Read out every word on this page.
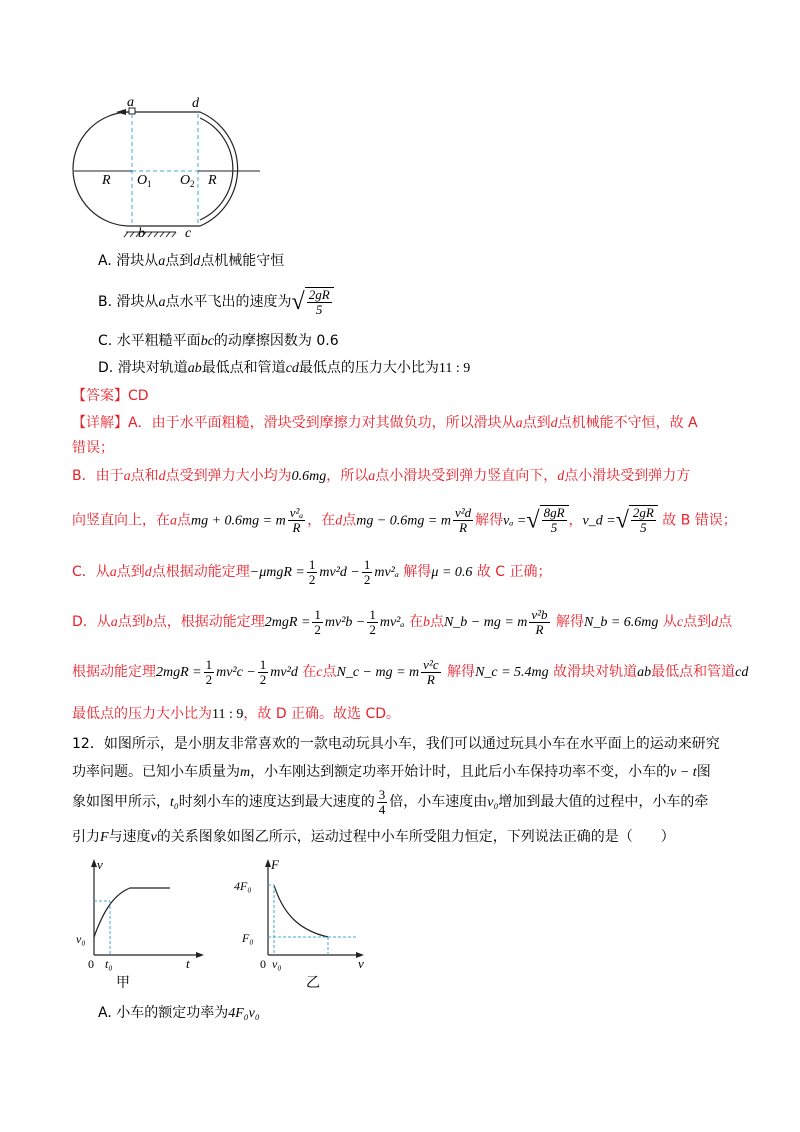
a	d
b	c
R	R
O 1 O 2
A. 滑块从a点到d点机械能守恒
B. 滑块从a点水平飞出的速度为√ $\frac{2gR}{5}$
C. 水平粗糙平面bc的动摩擦因数为 0.6
D. 滑块对轨道ab最低点和管道cd最低点的压力大小比为11 : 9
【答案】CD
【详解】A．由于水平面粗糙，滑块受到摩擦力对其做负功，所以滑块从a点到d点机械能不守恒，故 A
错误；
B．由于a点和d点受到弹力大小均为0.6mg，所以a点小滑块受到弹力竖直向下，d点小滑块受到弹力方
向竖直向上，在a点mg + 0.6mg = m $\frac{\text{v²ₐ}}{R}$ ，在d点mg − 0.6mg = m $\frac{\text{v²d}}{R}$ 解得vₐ =√ $\frac{8gR}{5}$ ，v_d =√ $\frac{2gR}{5}$ 故 B 错误；
C．从a点到d点根据动能定理$-\mu mgR = \frac{1}{2} mv^2d - \frac{1}{2} mv^2_a$ 解得μ = 0.6 故 C 正确；
D．从a点到b点，根据动能定理$2mgR = \frac{1}{2} mv^2b - \frac{1}{2} mv^2_a$ 在b点N_b − mg = m $\frac{\text{v²b}}{R}$ 解得N_b = 6.6mg 从c点到d点
根据动能定理$2mgR = \frac{1}{2} mv^2c - \frac{1}{2} mv^2d$ 在c点N_c − mg = m $\frac{\text{v²c}}{R}$ 解得N_c = 5.4mg 故滑块对轨道ab最低点和管道cd
最低点的压力大小比为11 : 9，故 D 正确。故选 CD。
12．如图所示，是小朋友非常喜欢的一款电动玩具小车，我们可以通过玩具小车在水平面上的运动来研究
功率问题。已知小车质量为m，小车刚达到额定功率开始计时，且此后小车保持功率不变，小车的v − t图
象如图甲所示，t₀时刻小车的速度达到最大速度的 $\frac{3}{4}$ 倍，小车速度由v₀增加到最大值的过程中，小车的牵
引力F与速度v的关系图象如图乙所示，运动过程中小车所受阻力恒定，下列说法正确的是（　　）
v
t
v₀
0 t₀
甲
F
v
4F₀
F₀
0 v₀
乙
A. 小车的额定功率为4F₀v₀
